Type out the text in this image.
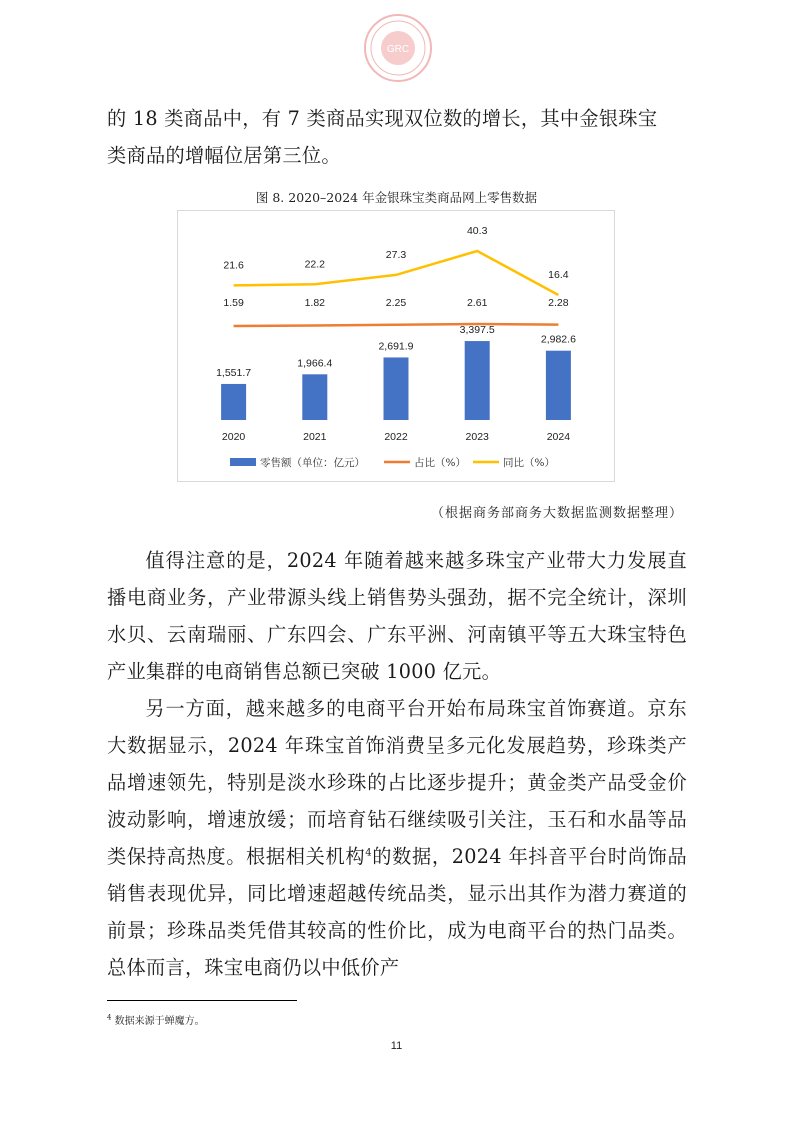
GRC

的 18 类商品中，有 7 类商品实现双位数的增长，其中金银珠宝

类商品的增幅位居第三位。

图 8. 2020–2024 年金银珠宝类商品网上零售数据
1,551.7
1,966.4
2,691.9
3,397.5
2,982.6
1.59	1.82	2.25	2.61	2.28
21.6	22.2
27.3
40.3
16.4
2020	2021	2022	2023	2024
零售额（单位：亿元）	占比（%）	同比（%）
（根据商务部商务大数据监测数据整理）

值得注意的是，2024 年随着越来越多珠宝产业带大力发展直播电商业务，产业带源头线上销售势头强劲，据不完全统计，深圳水贝、云南瑞丽、广东四会、广东平洲、河南镇平等五大珠宝特色产业集群的电商销售总额已突破 1000 亿元。

另一方面，越来越多的电商平台开始布局珠宝首饰赛道。京东大数据显示，2024 年珠宝首饰消费呈多元化发展趋势，珍珠类产品增速领先，特别是淡水珍珠的占比逐步提升；黄金类产品受金价波动影响，增速放缓；而培育钻石继续吸引关注，玉石和水晶等品类保持高热度。根据相关机构$^4$的数据，2024 年抖音平台时尚饰品销售表现优异，同比增速超越传统品类，显示出其作为潜力赛道的前景；珍珠品类凭借其较高的性价比，成为电商平台的热门品类。总体而言，珠宝电商仍以中低价产

$^4$ 数据来源于蝉魔方。
11
